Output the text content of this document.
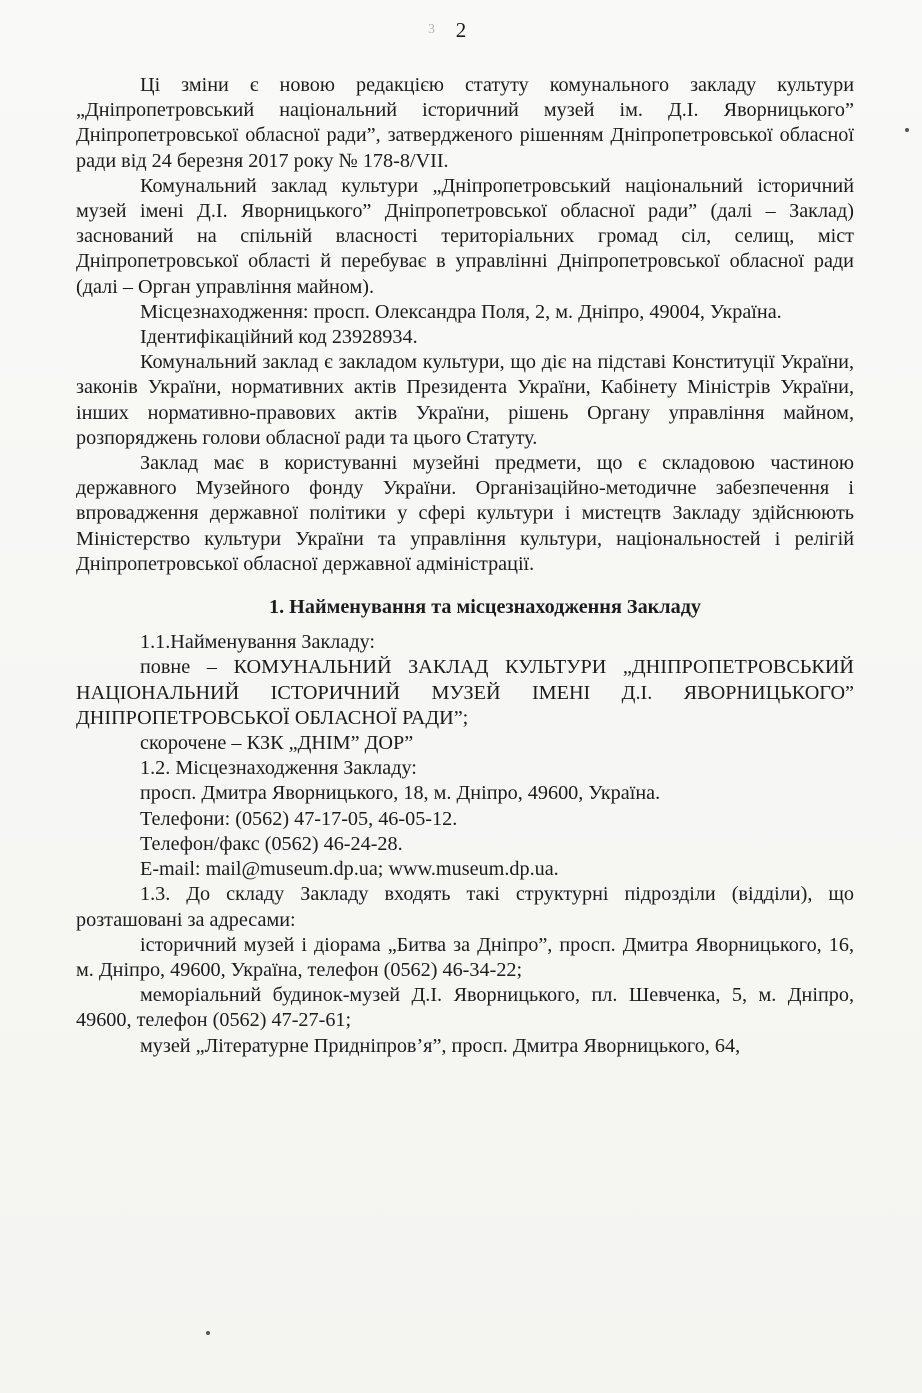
2
3

Ці зміни є новою редакцією статуту комунального закладу культури „Дніпропетровський національний історичний музей ім. Д.І. Яворницького” Дніпропетровської обласної ради”, затвердженого рішенням Дніпропетровської обласної ради від 24 березня 2017 року № 178-8/VII.

Комунальний заклад культури „Дніпропетровський національний історичний музей імені Д.І. Яворницького” Дніпропетровської обласної ради” (далі – Заклад) заснований на спільній власності територіальних громад сіл, селищ, міст Дніпропетровської області й перебуває в управлінні Дніпропетровської обласної ради (далі – Орган управління майном).

Місцезнаходження: просп. Олександра Поля, 2, м. Дніпро, 49004, Україна.

Ідентифікаційний код 23928934.

Комунальний заклад є закладом культури, що діє на підставі Конституції України, законів України, нормативних актів Президента України, Кабінету Міністрів України, інших нормативно-правових актів України, рішень Органу управління майном, розпоряджень голови обласної ради та цього Статуту.

Заклад має в користуванні музейні предмети, що є складовою частиною державного Музейного фонду України. Організаційно-методичне забезпечення і впровадження державної політики у сфері культури і мистецтв Закладу здійснюють Міністерство культури України та управління культури, національностей і релігій Дніпропетровської обласної державної адміністрації.

1. Найменування та місцезнаходження Закладу

1.1.Найменування Закладу:

повне – КОМУНАЛЬНИЙ ЗАКЛАД КУЛЬТУРИ „ДНІПРОПЕТРОВСЬКИЙ НАЦІОНАЛЬНИЙ ІСТОРИЧНИЙ МУЗЕЙ ІМЕНІ Д.І. ЯВОРНИЦЬКОГО” ДНІПРОПЕТРОВСЬКОЇ ОБЛАСНОЇ РАДИ”;

скорочене – КЗК „ДНІМ” ДОР”

1.2. Місцезнаходження Закладу:

просп. Дмитра Яворницького, 18, м. Дніпро, 49600, Україна.

Телефони: (0562) 47-17-05, 46-05-12.

Телефон/факс (0562) 46-24-28.

E-mail: mail@museum.dp.ua; www.museum.dp.ua.

1.3. До складу Закладу входять такі структурні підрозділи (відділи), що розташовані за адресами:

історичний музей і діорама „Битва за Дніпро”, просп. Дмитра Яворницького, 16, м. Дніпро, 49600, Україна, телефон (0562) 46-34-22;

меморіальний будинок-музей Д.І. Яворницького, пл. Шевченка, 5, м. Дніпро, 49600, телефон (0562) 47-27-61;

музей „Літературне Придніпров’я”, просп. Дмитра Яворницького, 64,
